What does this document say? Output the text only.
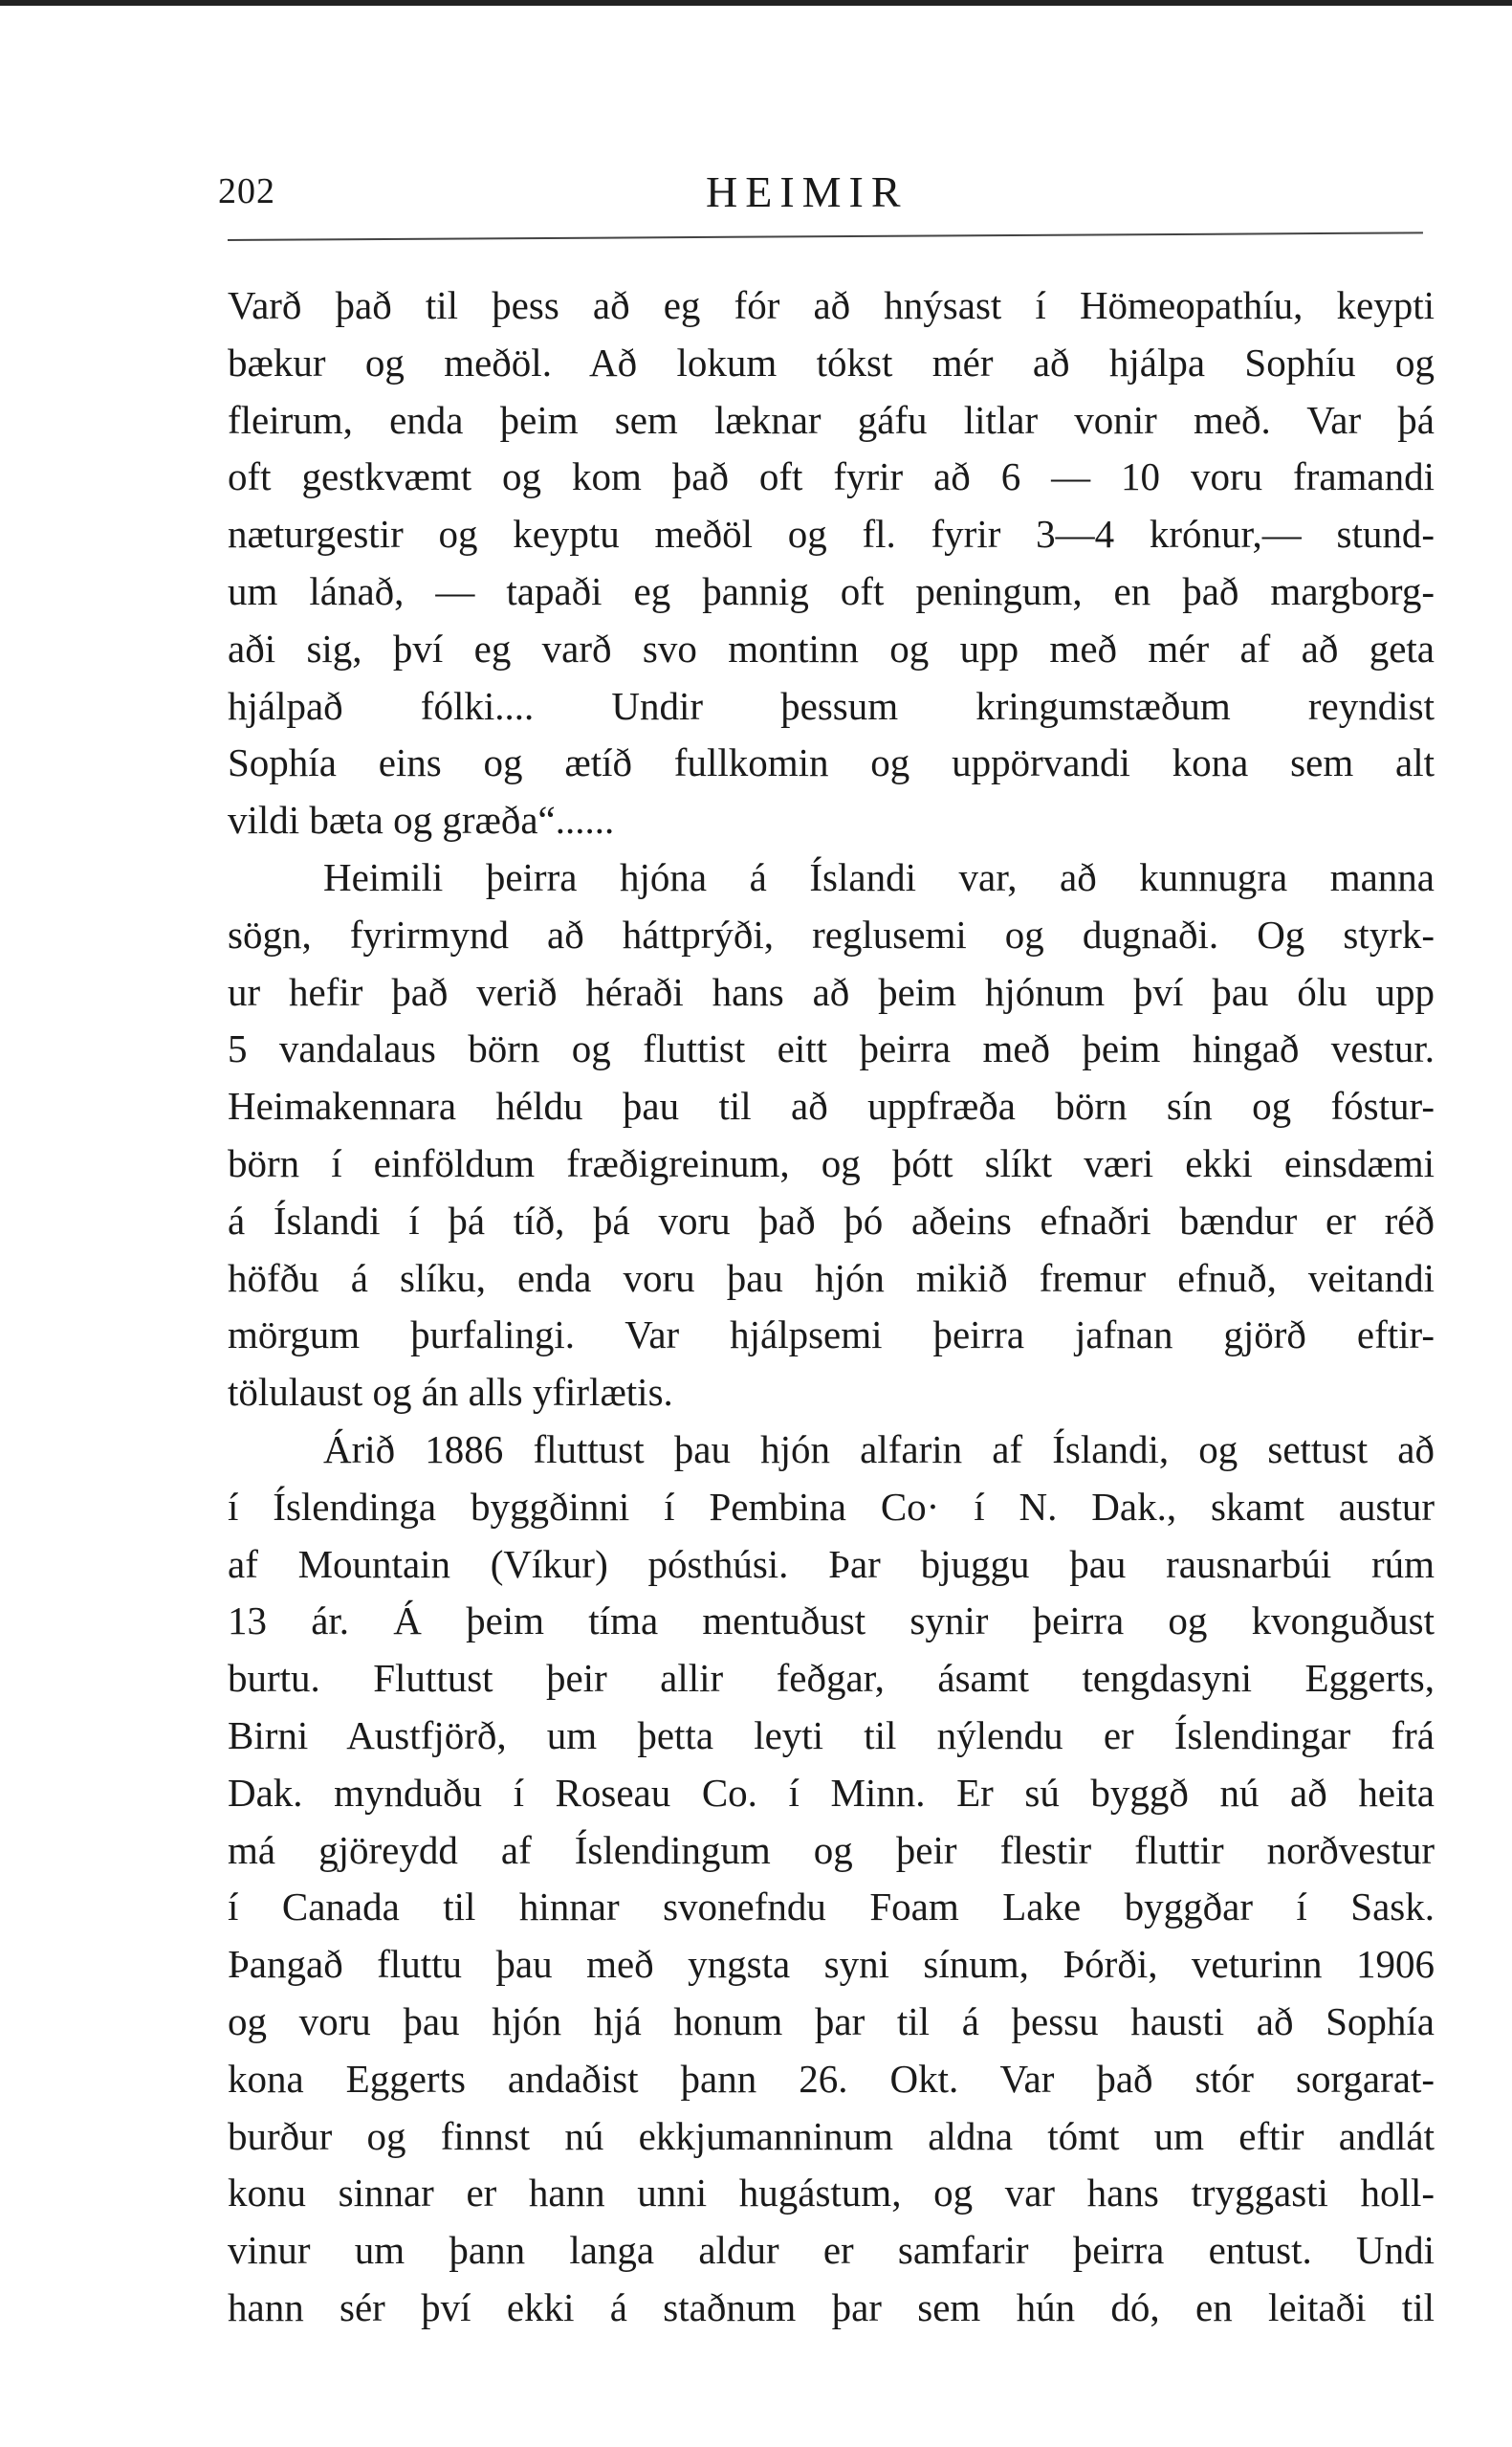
202	HEIMIR
Varð það til þess að eg fór að hnýsast í Hömeopathíu, keypti
bækur og meðöl. Að lokum tókst mér að hjálpa Sophíu og
fleirum, enda þeim sem læknar gáfu litlar vonir með. Var þá
oft gestkvæmt og kom það oft fyrir að 6 — 10 voru framandi
næturgestir og keyptu meðöl og fl. fyrir 3—4 krónur,— stund-
um lánað, — tapaði eg þannig oft peningum, en það margborg-
aði sig, því eg varð svo montinn og upp með mér af að geta
hjálpað fólki.... Undir þessum kringumstæðum reyndist
Sophía eins og ætíð fullkomin og uppörvandi kona sem alt
vildi bæta og græða“......
Heimili þeirra hjóna á Íslandi var, að kunnugra manna
sögn, fyrirmynd að háttprýði, reglusemi og dugnaði. Og styrk-
ur hefir það verið héraði hans að þeim hjónum því þau ólu upp
5 vandalaus börn og fluttist eitt þeirra með þeim hingað vestur.
Heimakennara héldu þau til að uppfræða börn sín og fóstur-
börn í einföldum fræðigreinum, og þótt slíkt væri ekki einsdæmi
á Íslandi í þá tíð, þá voru það þó aðeins efnaðri bændur er réð
höfðu á slíku, enda voru þau hjón mikið fremur efnuð, veitandi
mörgum þurfalingi. Var hjálpsemi þeirra jafnan gjörð eftir-
tölulaust og án alls yfirlætis.
Árið 1886 fluttust þau hjón alfarin af Íslandi, og settust að
í Íslendinga byggðinni í Pembina Co· í N. Dak., skamt austur
af Mountain (Víkur) pósthúsi. Þar bjuggu þau rausnarbúi rúm
13 ár. Á þeim tíma mentuðust synir þeirra og kvonguðust
burtu. Fluttust þeir allir feðgar, ásamt tengdasyni Eggerts,
Birni Austfjörð, um þetta leyti til nýlendu er Íslendingar frá
Dak. mynduðu í Roseau Co. í Minn. Er sú byggð nú að heita
má gjöreydd af Íslendingum og þeir flestir fluttir norðvestur
í Canada til hinnar svonefndu Foam Lake byggðar í Sask.
Þangað fluttu þau með yngsta syni sínum, Þórði, veturinn 1906
og voru þau hjón hjá honum þar til á þessu hausti að Sophía
kona Eggerts andaðist þann 26. Okt. Var það stór sorgarat-
burður og finnst nú ekkjumanninum aldna tómt um eftir andlát
konu sinnar er hann unni hugástum, og var hans tryggasti holl-
vinur um þann langa aldur er samfarir þeirra entust. Undi
hann sér því ekki á staðnum þar sem hún dó, en leitaði til
